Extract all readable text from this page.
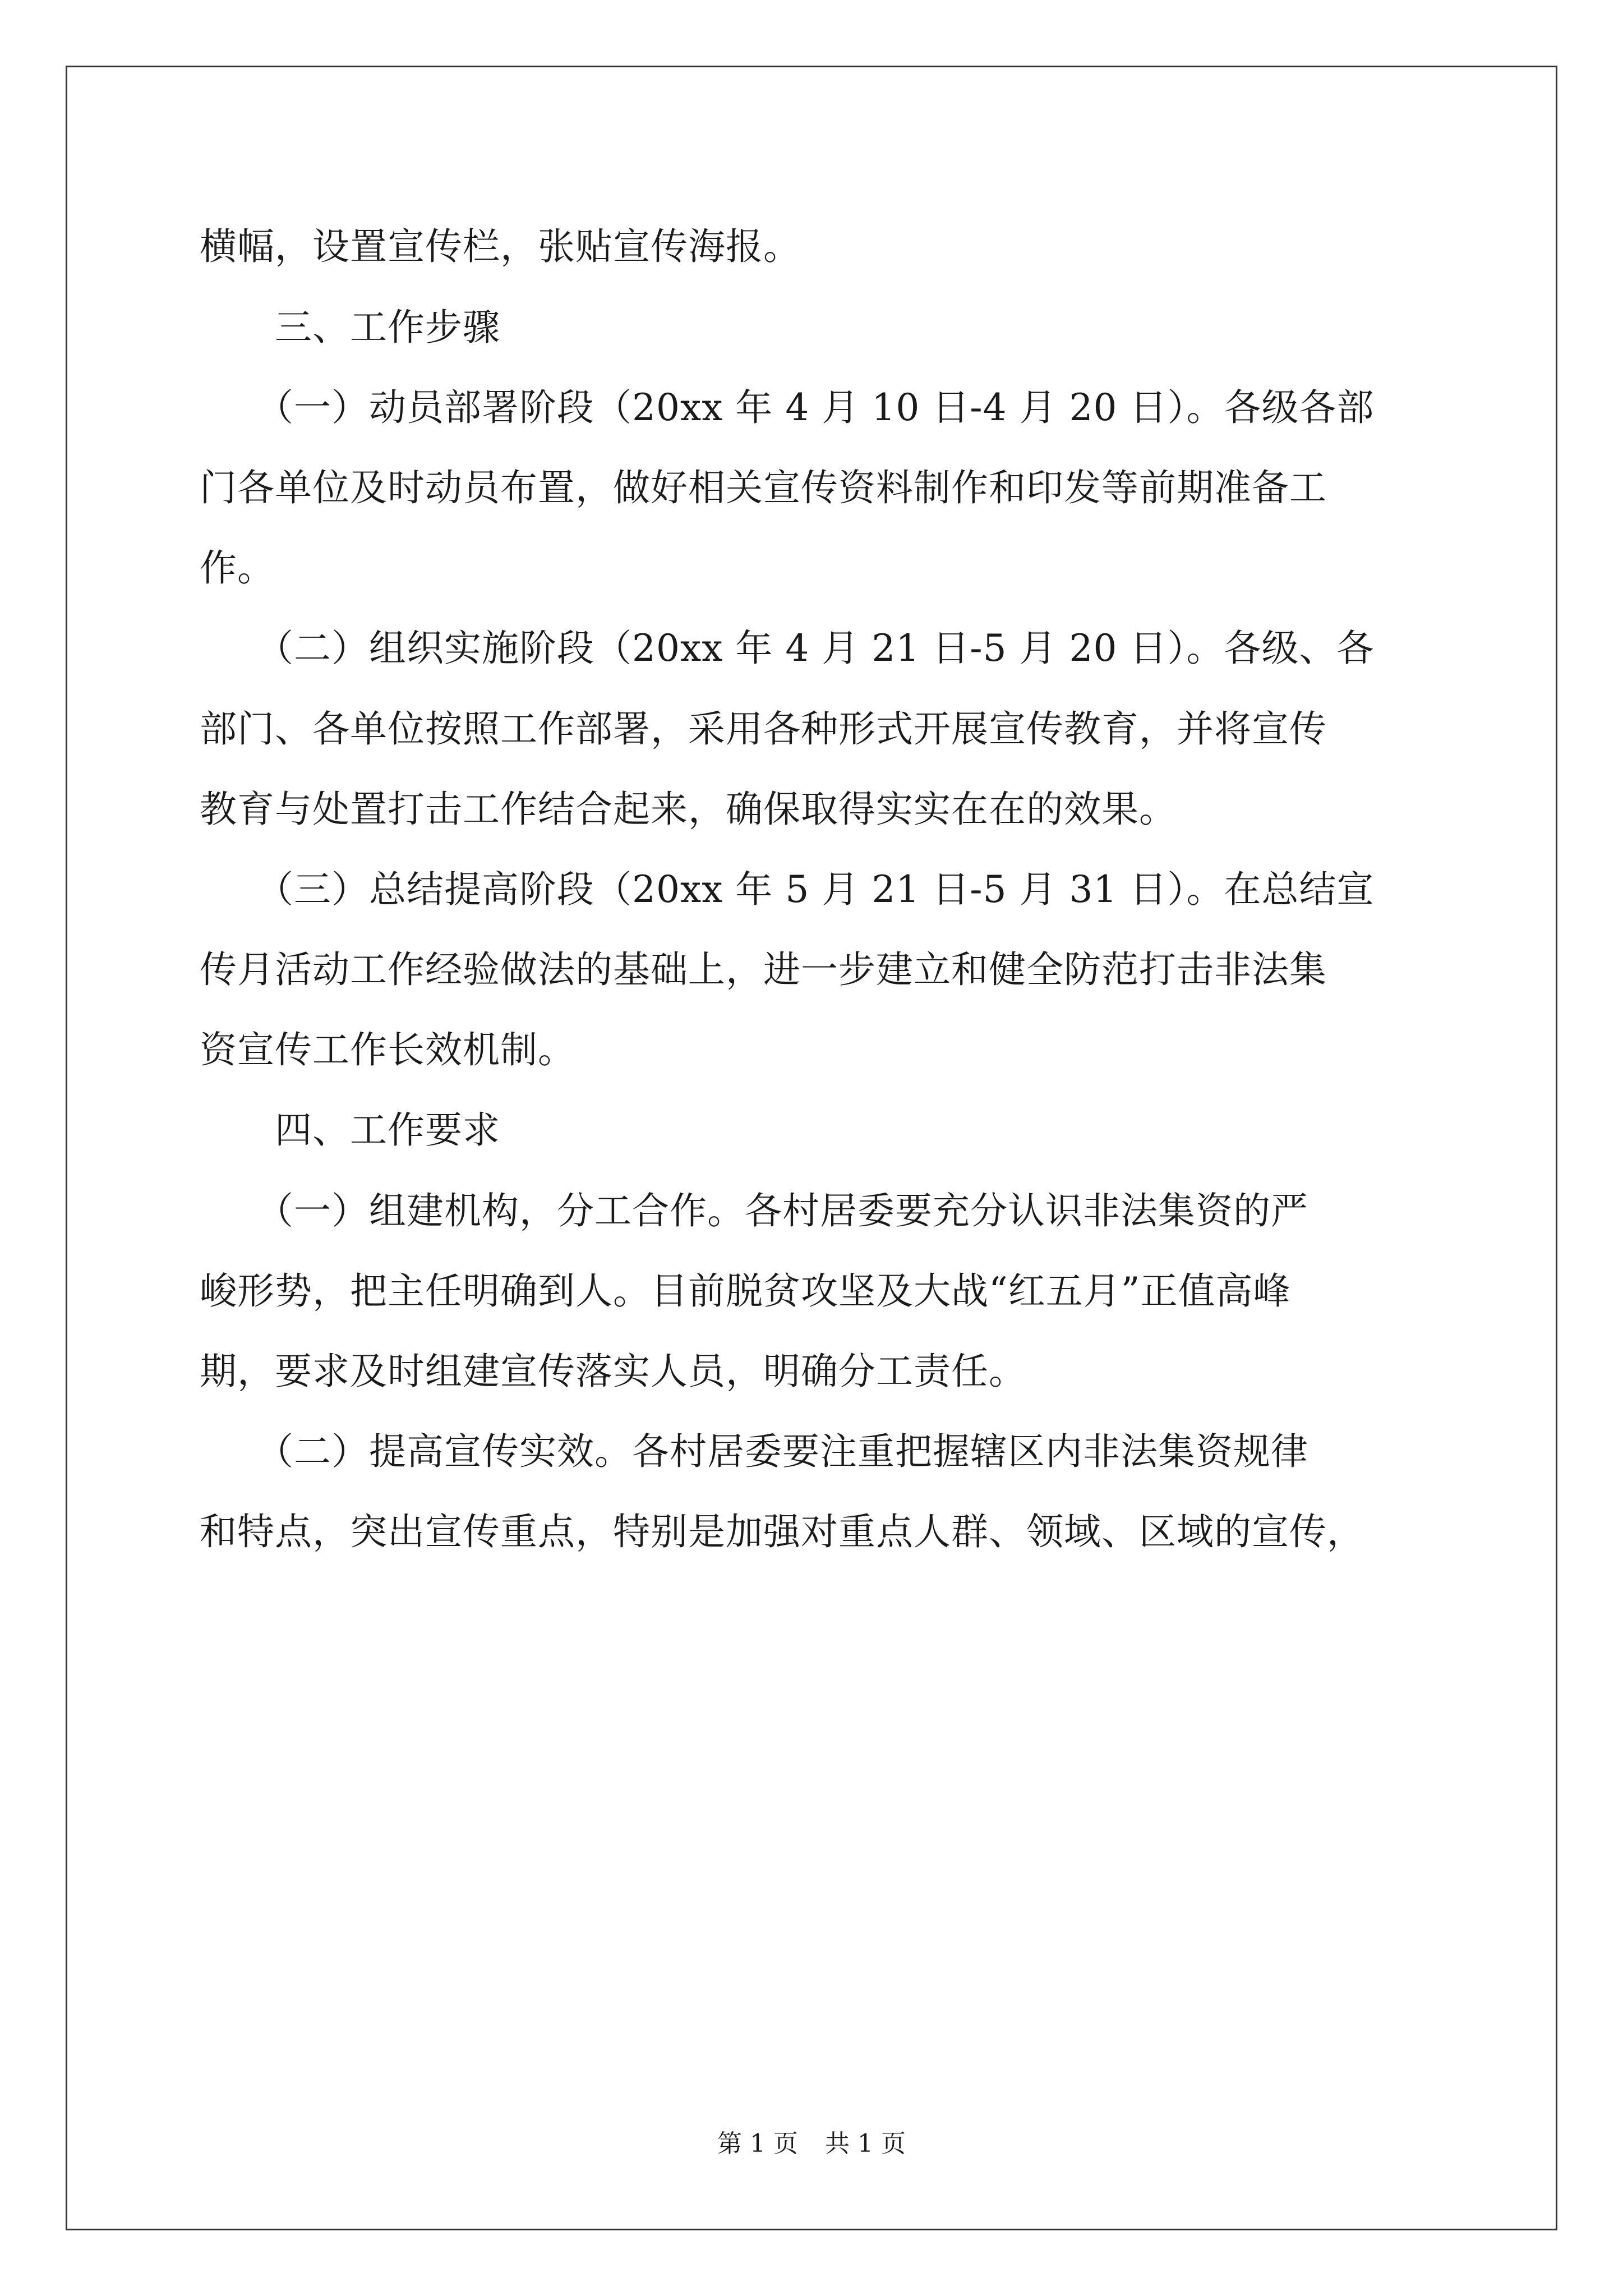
横幅，设置宣传栏，张贴宣传海报。
　　三、工作步骤
　　（一）动员部署阶段（20xx 年 4 月 10 日-4 月 20 日）。各级各部
门各单位及时动员布置，做好相关宣传资料制作和印发等前期准备工
作。
　　（二）组织实施阶段（20xx 年 4 月 21 日-5 月 20 日）。各级、各
部门、各单位按照工作部署，采用各种形式开展宣传教育，并将宣传
教育与处置打击工作结合起来，确保取得实实在在的效果。
　　（三）总结提高阶段（20xx 年 5 月 21 日-5 月 31 日）。在总结宣
传月活动工作经验做法的基础上，进一步建立和健全防范打击非法集
资宣传工作长效机制。
　　四、工作要求
　　（一）组建机构，分工合作。各村居委要充分认识非法集资的严
峻形势，把主任明确到人。目前脱贫攻坚及大战“红五月”正值高峰
期，要求及时组建宣传落实人员，明确分工责任。
　　（二）提高宣传实效。各村居委要注重把握辖区内非法集资规律
和特点，突出宣传重点，特别是加强对重点人群、领域、区域的宣传，
第 1 页 共 1 页
